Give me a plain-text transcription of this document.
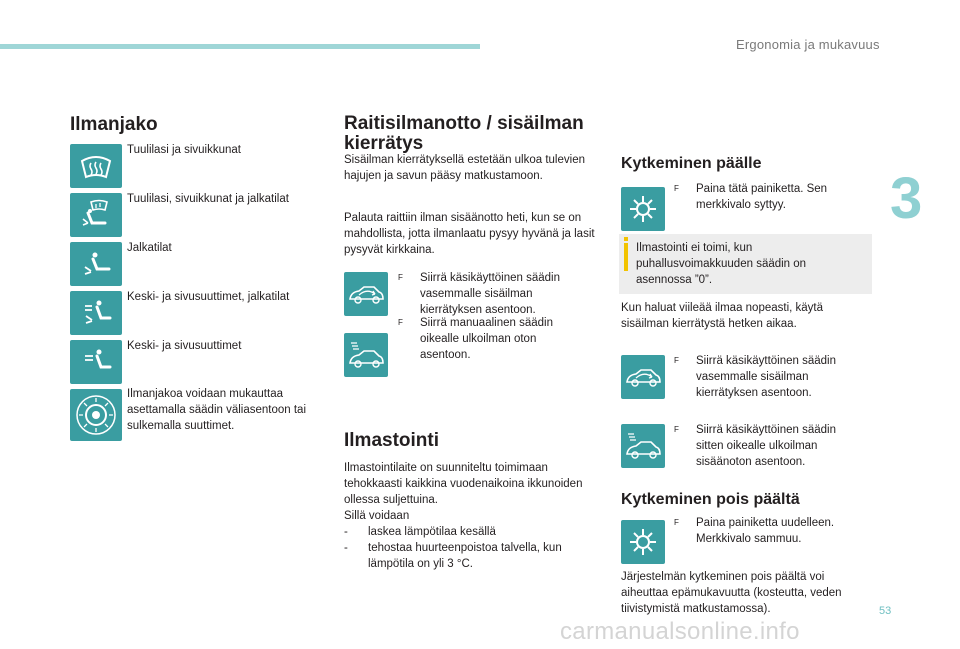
Ergonomia ja mukavuus
3
Ilmanjako
Tuulilasi ja sivuikkunat
Tuulilasi, sivuikkunat ja jalkatilat
Jalkatilat
Keski- ja sivusuuttimet, jalkatilat
Keski- ja sivusuuttimet
Ilmanjakoa voidaan mukauttaa asettamalla säädin väliasentoon tai sulkemalla suuttimet.
Raitisilmanotto / sisäilman kierrätys
Sisäilman kierrätyksellä estetään ulkoa tulevien hajujen ja savun pääsy matkustamoon.
Palauta raittiin ilman sisäänotto heti, kun se on mahdollista, jotta ilmanlaatu pysyy hyvänä ja lasit pysyvät kirkkaina.
F Siirrä käsikäyttöinen säädin vasemmalle sisäilman kierrätyksen asentoon.
F Siirrä manuaalinen säädin oikealle ulkoilman oton asentoon.
Ilmastointi
Ilmastointilaite on suunniteltu toimimaan tehokkaasti kaikkina vuodenaikoina ikkunoiden ollessa suljettuina.
Sillä voidaan
- laskea lämpötilaa kesällä
- tehostaa huurteenpoistoa talvella, kun lämpötila on yli 3 °C.
Kytkeminen päälle
F Paina tätä painiketta. Sen merkkivalo syttyy.
Ilmastointi ei toimi, kun puhallusvoimakkuuden säädin on asennossa ”0”.
Kun haluat viileää ilmaa nopeasti, käytä sisäilman kierrätystä hetken aikaa.
F Siirrä käsikäyttöinen säädin vasemmalle sisäilman kierrätyksen asentoon.
F Siirrä käsikäyttöinen säädin sitten oikealle ulkoilman sisäänoton asentoon.
Kytkeminen pois päältä
F Paina painiketta uudelleen. Merkkivalo sammuu.
Järjestelmän kytkeminen pois päältä voi aiheuttaa epämukavuutta (kosteutta, veden tiivistymistä matkustamossa).	53
carmanualsonline.info
